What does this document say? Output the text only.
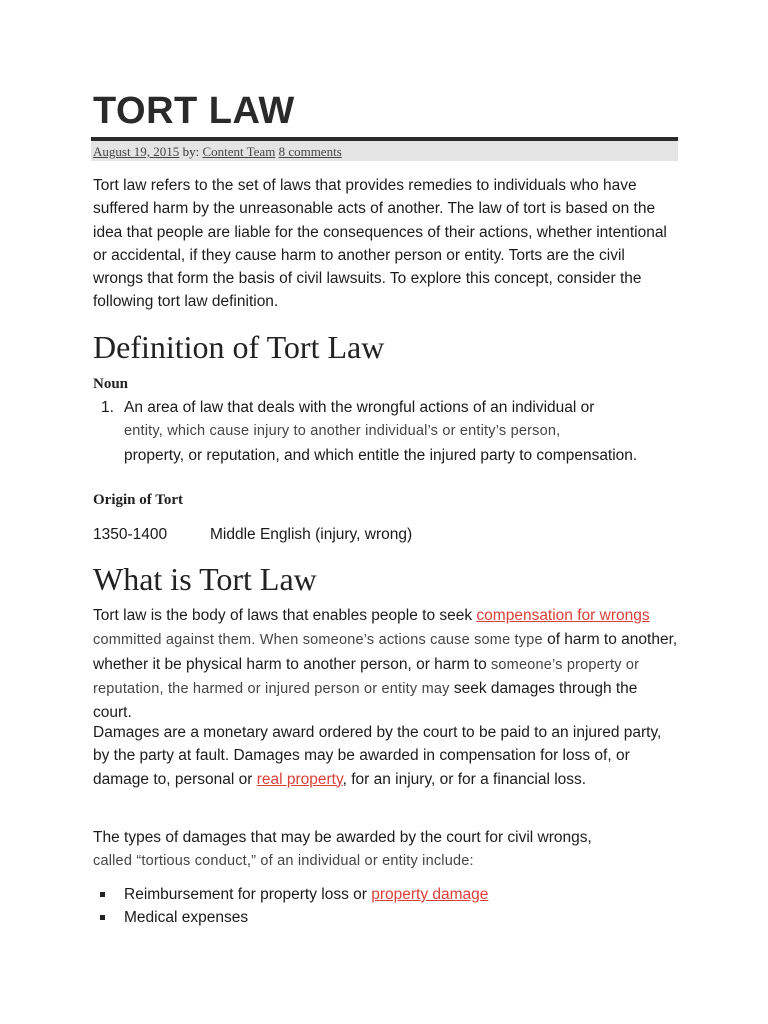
TORT LAW
August 19, 2015 by: Content Team 8 comments

Tort law refers to the set of laws that provides remedies to individuals who have suffered harm by the unreasonable acts of another. The law of tort is based on the idea that people are liable for the consequences of their actions, whether intentional or accidental, if they cause harm to another person or entity. Torts are the civil wrongs that form the basis of civil lawsuits. To explore this concept, consider the following tort law definition.

Definition of Tort Law
Noun
1. An area of law that deals with the wrongful actions of an individual or
entity, which cause injury to another individual’s or entity’s person,
property, or reputation, and which entitle the injured party to compensation.
Origin of Tort
1350-1400	Middle English (injury, wrong)
What is Tort Law

Tort law is the body of laws that enables people to seek compensation for wrongs committed against them. When someone’s actions cause some type of harm to another, whether it be physical harm to another person, or harm to someone’s property or reputation, the harmed or injured person or entity may seek damages through the court.

Damages are a monetary award ordered by the court to be paid to an injured party, by the party at fault. Damages may be awarded in compensation for loss of, or damage to, personal or real property, for an injury, or for a financial loss.

The types of damages that may be awarded by the court for civil wrongs,
called “tortious conduct,” of an individual or entity include:

Reimbursement for property loss or property damage
Medical expenses
